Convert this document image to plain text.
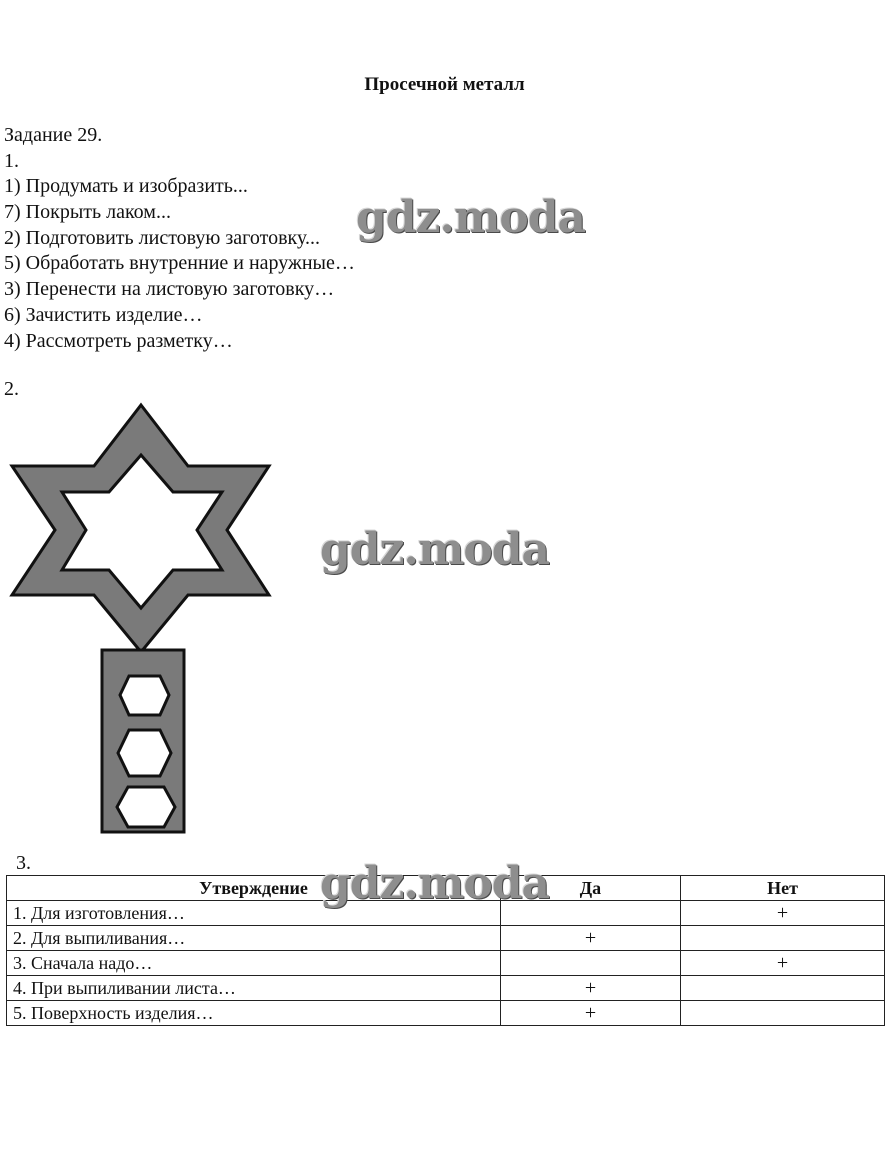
Просечной металл
Задание 29.
1.
1) Продумать и изобразить...
7) Покрыть лаком...
2) Подготовить листовую заготовку...
5) Обработать внутренние и наружные…
3) Перенести на листовую заготовку…
6) Зачистить изделие…
4) Рассмотреть разметку…
2.
3.
Утверждение	Да	Нет
1. Для изготовления…		+
2. Для выпиливания…	+	
3. Сначала надо…		+
4. При выпиливании листа…	+	
5. Поверхность изделия…	+	
gdz.moda
gdz.moda
gdz.moda
